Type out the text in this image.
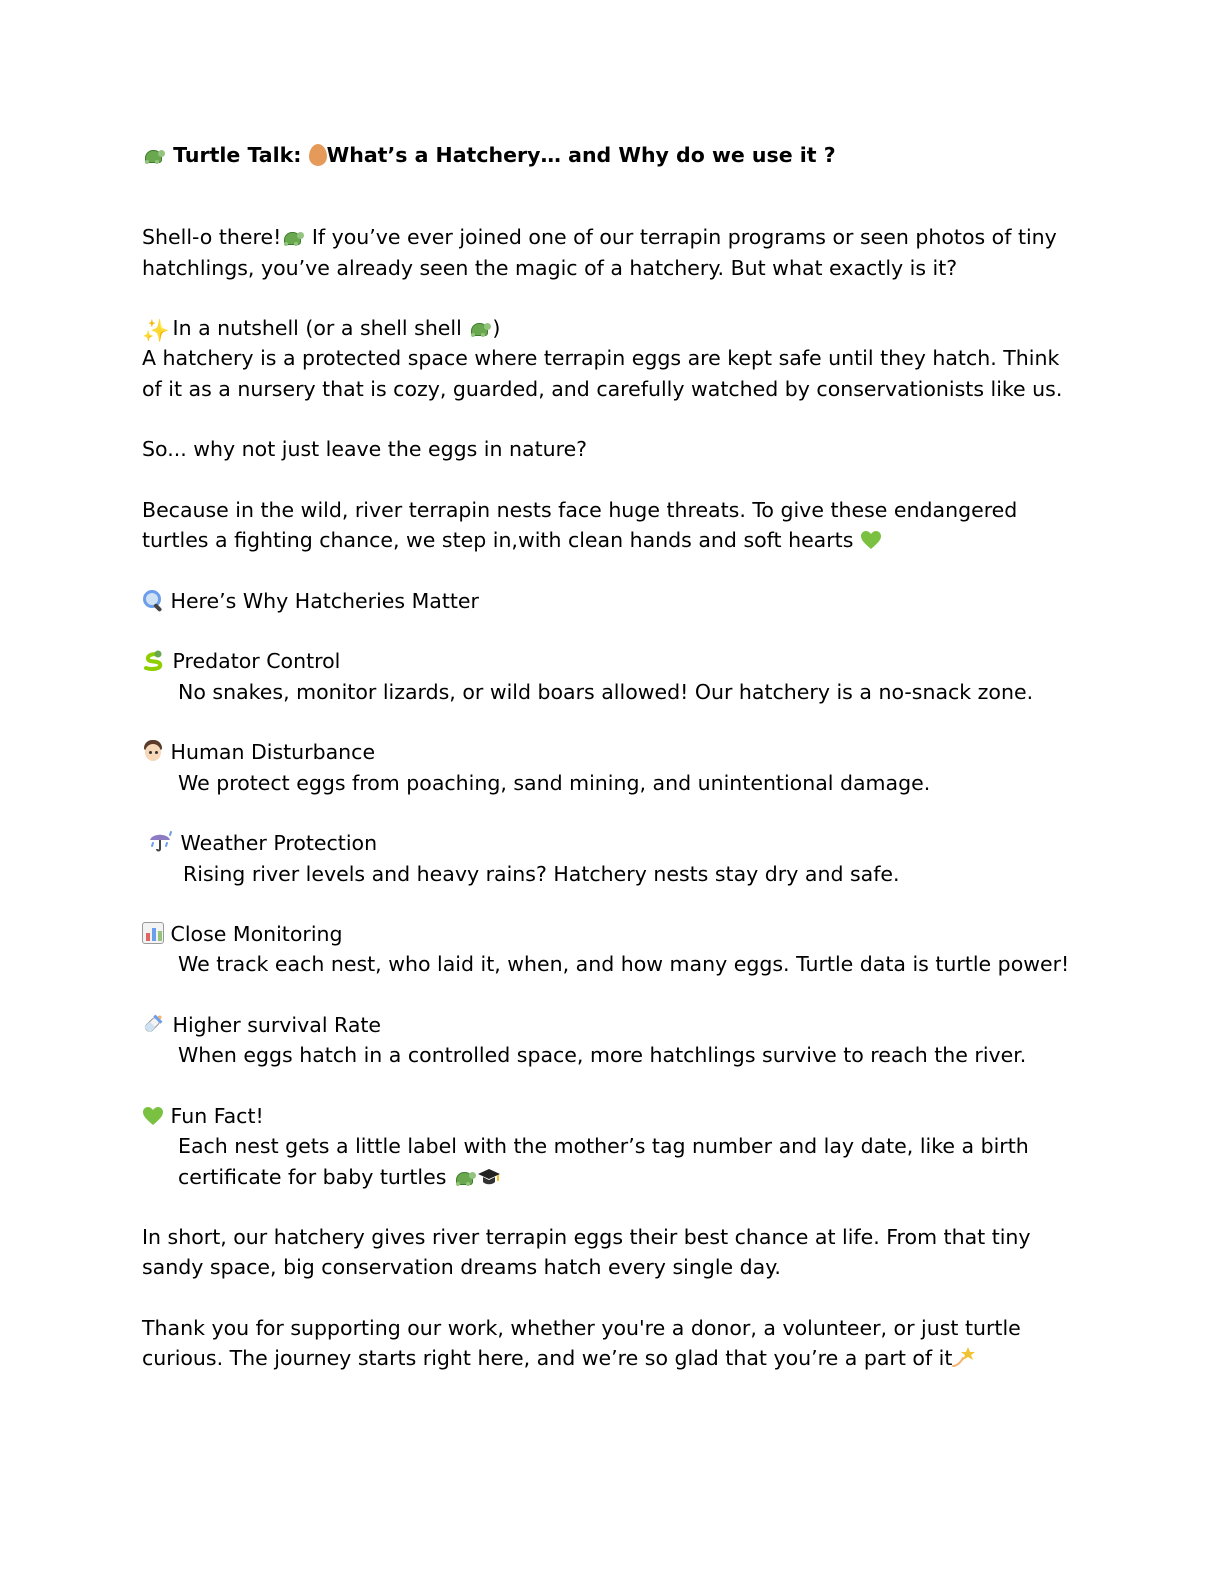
Turtle Talk: What’s a Hatchery… and Why do we use it ?

Shell-o there!
If you’ve ever joined one of our terrapin programs or seen photos of tiny hatchlings, you’ve already seen the magic of a hatchery. But what exactly is it?

✨ In a nutshell (or a shell shell
)

A hatchery is a protected space where terrapin eggs are kept safe until they hatch. Think of it as a nursery that is cozy, guarded, and carefully watched by conservationists like us.

So... why not just leave the eggs in nature?

Because in the wild, river terrapin nests face huge threats. To give these endangered turtles a fighting chance, we step in,with clean hands and soft hearts

Here’s Why Hatcheries Matter

Predator Control

No snakes, monitor lizards, or wild boars allowed! Our hatchery is a no-snack zone.

Human Disturbance

We protect eggs from poaching, sand mining, and unintentional damage.

Weather Protection

Rising river levels and heavy rains? Hatchery nests stay dry and safe.

Close Monitoring

We track each nest, who laid it, when, and how many eggs. Turtle data is turtle power!

Higher survival Rate

When eggs hatch in a controlled space, more hatchlings survive to reach the river.

Fun Fact!

Each nest gets a little label with the mother’s tag number and lay date, like a birth certificate for baby turtles

In short, our hatchery gives river terrapin eggs their best chance at life. From that tiny sandy space, big conservation dreams hatch every single day.

Thank you for supporting our work, whether you're a donor, a volunteer, or just turtle curious. The journey starts right here, and we’re so glad that you’re a part of it
